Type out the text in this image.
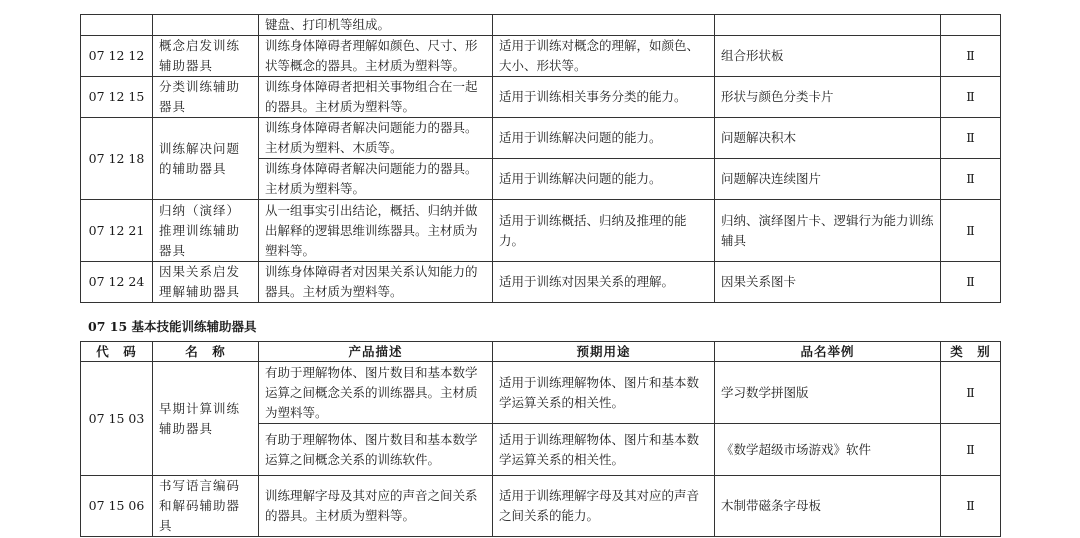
		键盘、打印机等组成。			
07 12 12	概念启发训练辅助器具	训练身体障碍者理解如颜色、尺寸、形状等概念的器具。主材质为塑料等。	适用于训练对概念的理解，如颜色、大小、形状等。	组合形状板	Ⅱ
07 12 15	分类训练辅助器具	训练身体障碍者把相关事物组合在一起的器具。主材质为塑料等。	适用于训练相关事务分类的能力。	形状与颜色分类卡片	Ⅱ
07 12 18	训练解决问题的辅助器具	训练身体障碍者解决问题能力的器具。主材质为塑料、木质等。	适用于训练解决问题的能力。	问题解决积木	Ⅱ
		训练身体障碍者解决问题能力的器具。主材质为塑料等。	适用于训练解决问题的能力。	问题解决连续图片	Ⅱ
07 12 21	归纳（演绎）推理训练辅助器具	从一组事实引出结论，概括、归纳并做出解释的逻辑思维训练器具。主材质为塑料等。	适用于训练概括、归纳及推理的能力。	归纳、演绎图片卡、逻辑行为能力训练辅具	Ⅱ
07 12 24	因果关系启发理解辅助器具	训练身体障碍者对因果关系认知能力的器具。主材质为塑料等。	适用于训练对因果关系的理解。	因果关系图卡	Ⅱ
07 15 基本技能训练辅助器具
代　码	名　称	产品描述	预期用途	品名举例	类　别
07 15 03	早期计算训练辅助器具	有助于理解物体、图片数目和基本数学运算之间概念关系的训练器具。主材质为塑料等。	适用于训练理解物体、图片和基本数学运算关系的相关性。	学习数学拼图版	Ⅱ
		有助于理解物体、图片数目和基本数学运算之间概念关系的训练软件。	适用于训练理解物体、图片和基本数学运算关系的相关性。	《数学超级市场游戏》软件	Ⅱ
07 15 06	书写语言编码和解码辅助器具	训练理解字母及其对应的声音之间关系的器具。主材质为塑料等。	适用于训练理解字母及其对应的声音之间关系的能力。	木制带磁条字母板	Ⅱ
